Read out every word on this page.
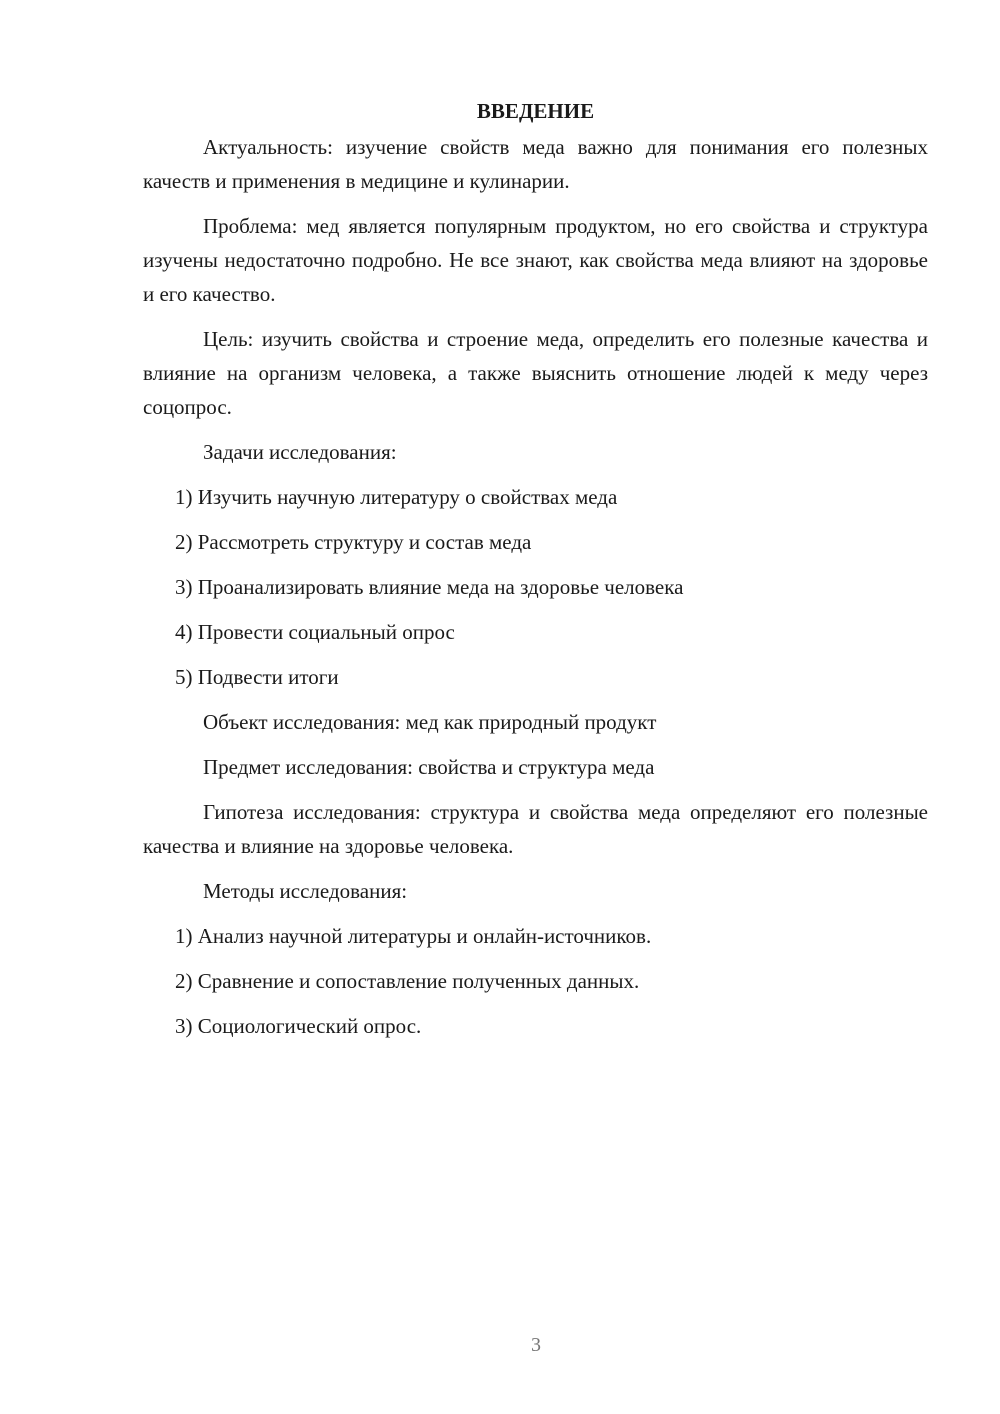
ВВЕДЕНИЕ

Актуальность: изучение свойств меда важно для понимания его полезных качеств и применения в медицине и кулинарии.

Проблема: мед является популярным продуктом, но его свойства и структура изучены недостаточно подробно. Не все знают, как свойства меда влияют на здоровье и его качество.

Цель: изучить свойства и строение меда, определить его полезные качества и влияние на организм человека, а также выяснить отношение людей к меду через соцопрос.

Задачи исследования:

1) Изучить научную литературу о свойствах меда
2) Рассмотреть структуру и состав меда
3) Проанализировать влияние меда на здоровье человека
4) Провести социальный опрос
5) Подвести итоги

Объект исследования: мед как природный продукт

Предмет исследования: свойства и структура меда

Гипотеза исследования: структура и свойства меда определяют его полезные качества и влияние на здоровье человека.

Методы исследования:

1) Анализ научной литературы и онлайн-источников.
2) Сравнение и сопоставление полученных данных.
3) Социологический опрос.
3
